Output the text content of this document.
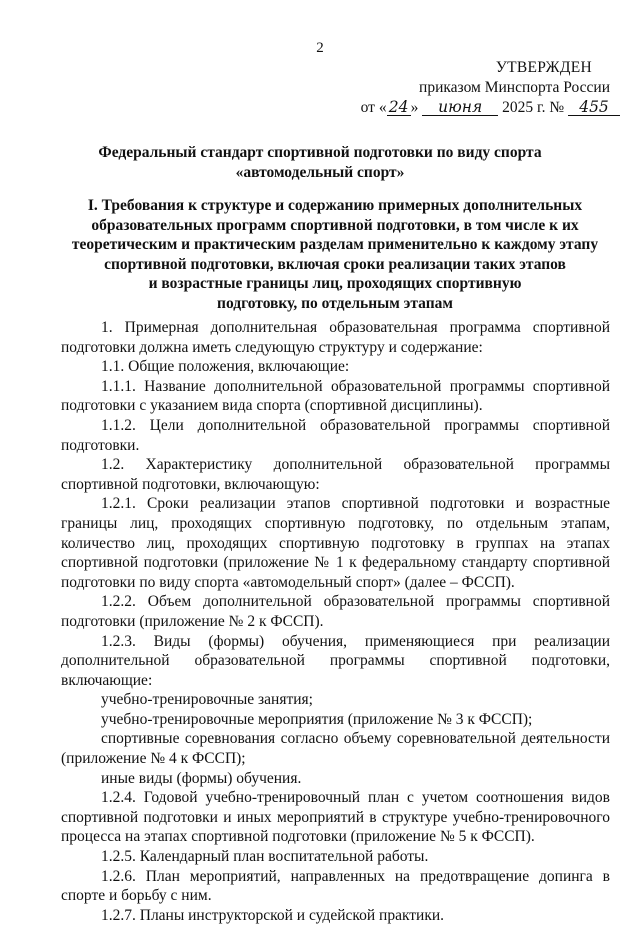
2
УТВЕРЖДЕН
приказом Минспорта России
от « 24 » июня 2025 г. № 455
Федеральный стандарт спортивной подготовки по виду спорта
«автомодельный спорт»
I. Требования к структуре и содержанию примерных дополнительных
образовательных программ спортивной подготовки, в том числе к их
теоретическим и практическим разделам применительно к каждому этапу
спортивной подготовки, включая сроки реализации таких этапов
и возрастные границы лиц, проходящих спортивную
подготовку, по отдельным этапам

1. Примерная дополнительная образовательная программа спортивной подготовки должна иметь следующую структуру и содержание:

1.1. Общие положения, включающие:

1.1.1. Название дополнительной образовательной программы спортивной подготовки с указанием вида спорта (спортивной дисциплины).

1.1.2. Цели дополнительной образовательной программы спортивной подготовки.

1.2. Характеристику дополнительной образовательной программы спортивной подготовки, включающую:

1.2.1. Сроки реализации этапов спортивной подготовки и возрастные границы лиц, проходящих спортивную подготовку, по отдельным этапам, количество лиц, проходящих спортивную подготовку в группах на этапах спортивной подготовки (приложение № 1 к федеральному стандарту спортивной подготовки по виду спорта «автомодельный спорт» (далее – ФССП).

1.2.2. Объем дополнительной образовательной программы спортивной подготовки (приложение № 2 к ФССП).

1.2.3. Виды (формы) обучения, применяющиеся при реализации дополнительной образовательной программы спортивной подготовки, включающие:

учебно-тренировочные занятия;

учебно-тренировочные мероприятия (приложение № 3 к ФССП);

спортивные соревнования согласно объему соревновательной деятельности (приложение № 4 к ФССП);

иные виды (формы) обучения.

1.2.4. Годовой учебно-тренировочный план с учетом соотношения видов спортивной подготовки и иных мероприятий в структуре учебно-тренировочного процесса на этапах спортивной подготовки (приложение № 5 к ФССП).

1.2.5. Календарный план воспитательной работы.

1.2.6. План мероприятий, направленных на предотвращение допинга в спорте и борьбу с ним.

1.2.7. Планы инструкторской и судейской практики.
